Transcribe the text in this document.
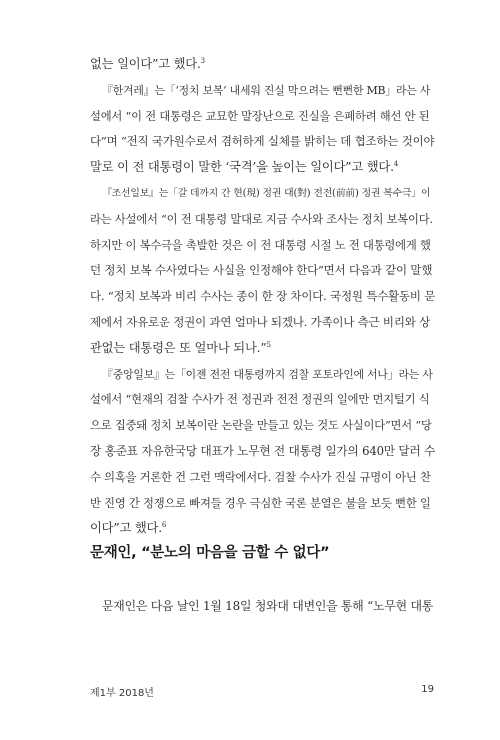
없는 일이다”고 했다.$^3$
『한겨레』는「‘정치 보복’ 내세워 진실 막으려는 뻔뻔한 MB」라는 사
설에서 “이 전 대통령은 교묘한 말장난으로 진실을 은폐하려 해선 안 된
다”며 “전직 국가원수로서 겸허하게 실체를 밝히는 데 협조하는 것이야
말로 이 전 대통령이 말한 ‘국격’을 높이는 일이다”고 했다.$^4$
『조선일보』는「갈 데까지 간 현(現) 정권 대(對) 전전(前前) 정권 복수극」이
라는 사설에서 “이 전 대통령 말대로 지금 수사와 조사는 정치 보복이다.
하지만 이 복수극을 촉발한 것은 이 전 대통령 시절 노 전 대통령에게 했
던 정치 보복 수사였다는 사실을 인정해야 한다”면서 다음과 같이 말했
다. “정치 보복과 비리 수사는 종이 한 장 차이다. 국정원 특수활동비 문
제에서 자유로운 정권이 과연 얼마나 되겠나. 가족이나 측근 비리와 상
관없는 대통령은 또 얼마나 되나.”$^5$
『중앙일보』는「이젠 전전 대통령까지 검찰 포토라인에 서나」라는 사
설에서 “현재의 검찰 수사가 전 정권과 전전 정권의 일에만 먼지털기 식
으로 집중돼 정치 보복이란 논란을 만들고 있는 것도 사실이다”면서 “당
장 홍준표 자유한국당 대표가 노무현 전 대통령 일가의 640만 달러 수
수 의혹을 거론한 건 그런 맥락에서다. 검찰 수사가 진실 규명이 아닌 찬
반 진영 간 정쟁으로 빠져들 경우 극심한 국론 분열은 불을 보듯 뻔한 일
이다”고 했다.$^6$
문재인, “분노의 마음을 금할 수 없다”
문재인은 다음 날인 1월 18일 청와대 대변인을 통해 “노무현 대통
제1부 2018년	19
